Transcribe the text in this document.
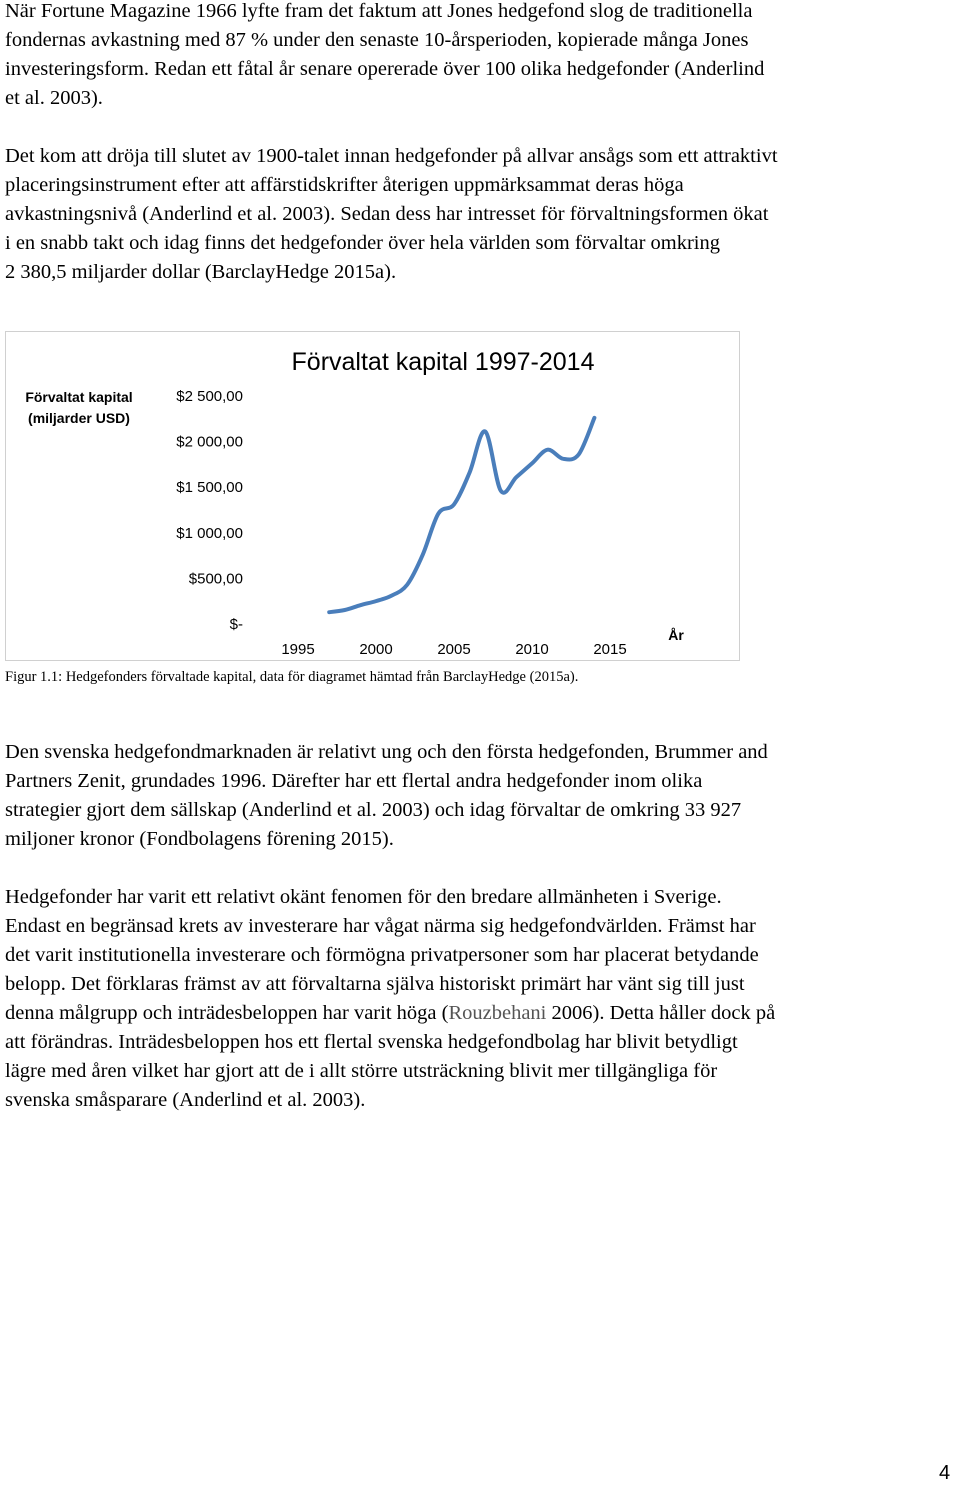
När Fortune Magazine 1966 lyfte fram det faktum att Jones hedgefond slog de traditionella
fondernas avkastning med 87 % under den senaste 10-årsperioden, kopierade många Jones
investeringsform. Redan ett fåtal år senare opererade över 100 olika hedgefonder (Anderlind
et al. 2003).
Det kom att dröja till slutet av 1900-talet innan hedgefonder på allvar ansågs som ett attraktivt
placeringsinstrument efter att affärstidskrifter återigen uppmärksammat deras höga
avkastningsnivå (Anderlind et al. 2003). Sedan dess har intresset för förvaltningsformen ökat
i en snabb takt och idag finns det hedgefonder över hela världen som förvaltar omkring
2 380,5 miljarder dollar (BarclayHedge 2015a).
Förvaltat kapital 1997-2014
Förvaltat kapital
(miljarder USD)
År
$-
$500,00
$1 000,00
$1 500,00
$2 000,00
$2 500,00
1995	2000	2005	2010	2015

Figur 1.1: Hedgefonders förvaltade kapital, data för diagramet hämtad från BarclayHedge (2015a).

Den svenska hedgefondmarknaden är relativt ung och den första hedgefonden, Brummer and
Partners Zenit, grundades 1996. Därefter har ett flertal andra hedgefonder inom olika
strategier gjort dem sällskap (Anderlind et al. 2003) och idag förvaltar de omkring 33 927
miljoner kronor (Fondbolagens förening 2015).
Hedgefonder har varit ett relativt okänt fenomen för den bredare allmänheten i Sverige.
Endast en begränsad krets av investerare har vågat närma sig hedgefondvärlden. Främst har
det varit institutionella investerare och förmögna privatpersoner som har placerat betydande
belopp. Det förklaras främst av att förvaltarna själva historiskt primärt har vänt sig till just
denna målgrupp och inträdesbeloppen har varit höga (Rouzbehani 2006). Detta håller dock på
att förändras. Inträdesbeloppen hos ett flertal svenska hedgefondbolag har blivit betydligt
lägre med åren vilket har gjort att de i allt större utsträckning blivit mer tillgängliga för
svenska småsparare (Anderlind et al. 2003).

4
